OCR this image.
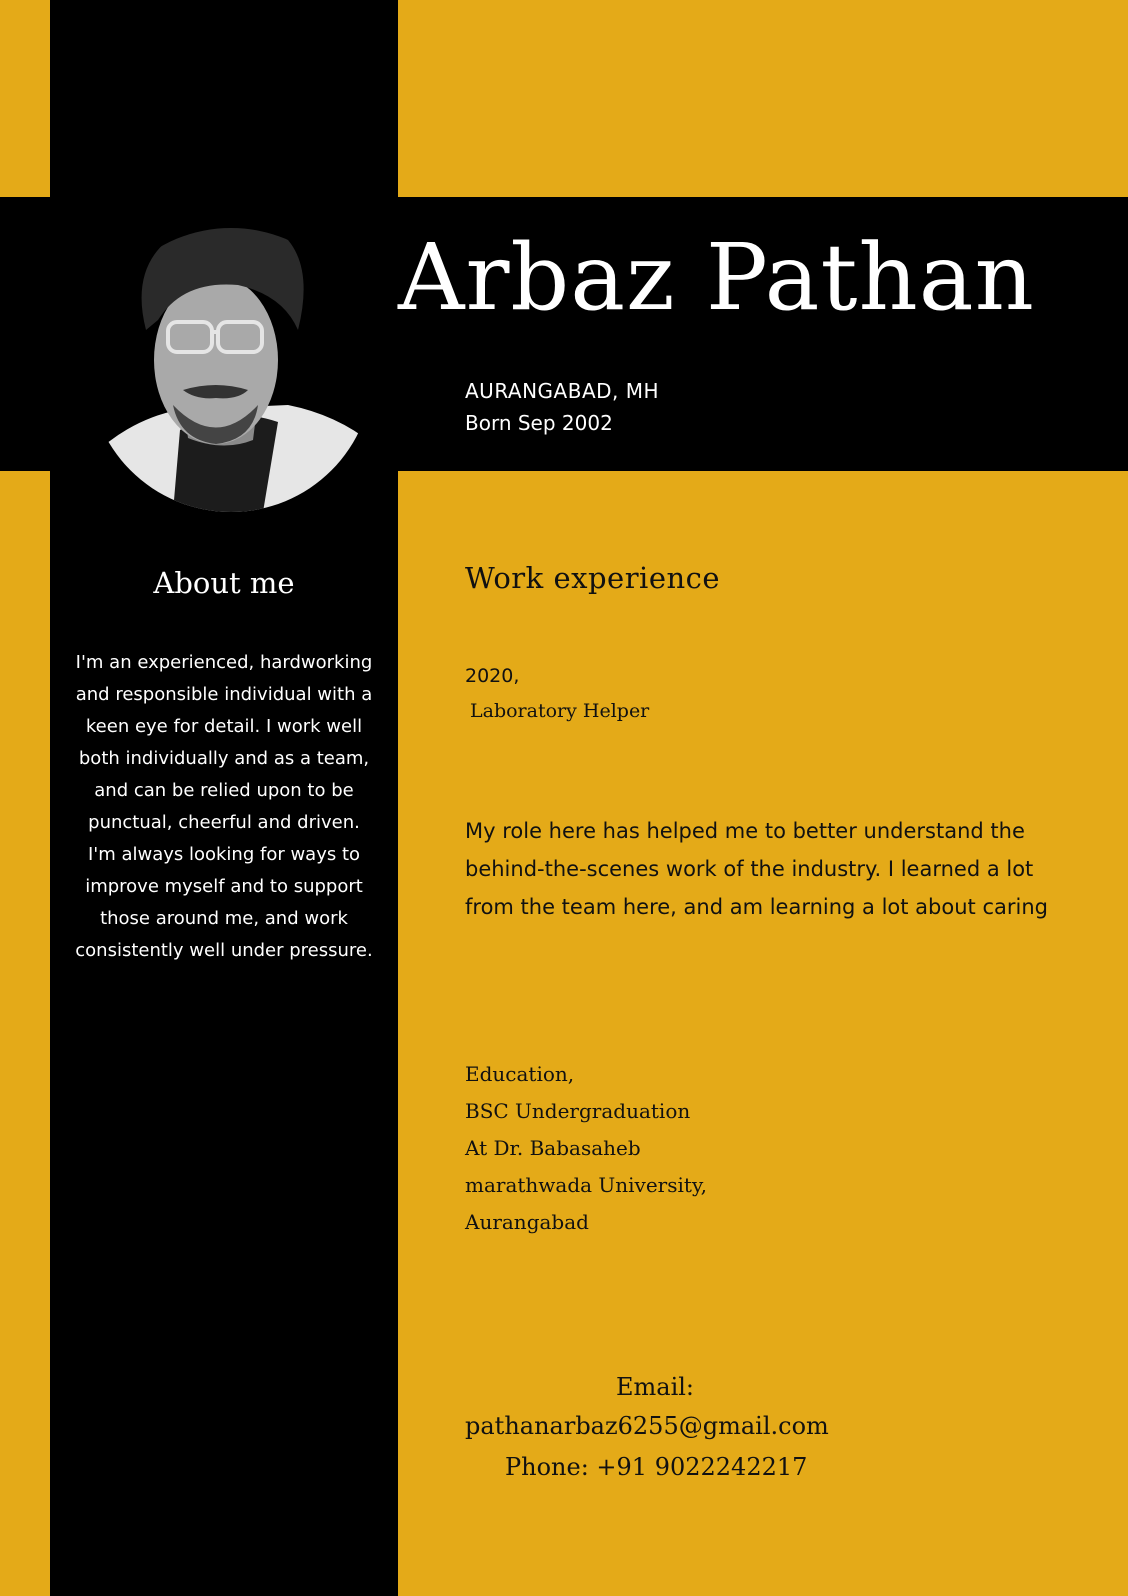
Arbaz Pathan
AURANGABAD, MH
Born Sep 2002
About me
I'm an experienced, hardworking and responsible individual with a keen eye for detail. I work well both individually and as a team, and can be relied upon to be punctual, cheerful and driven. I'm always looking for ways to improve myself and to support those around me, and work consistently well under pressure.
Work experience
2020,
Laboratory Helper
My role here has helped me to better understand the behind-the-scenes work of the industry. I learned a lot from the team here, and am learning a lot about caring
Education,
BSC Undergraduation
At Dr. Babasaheb
marathwada University,
Aurangabad
Email:
pathanarbaz6255@gmail.com
Phone: +91 9022242217
